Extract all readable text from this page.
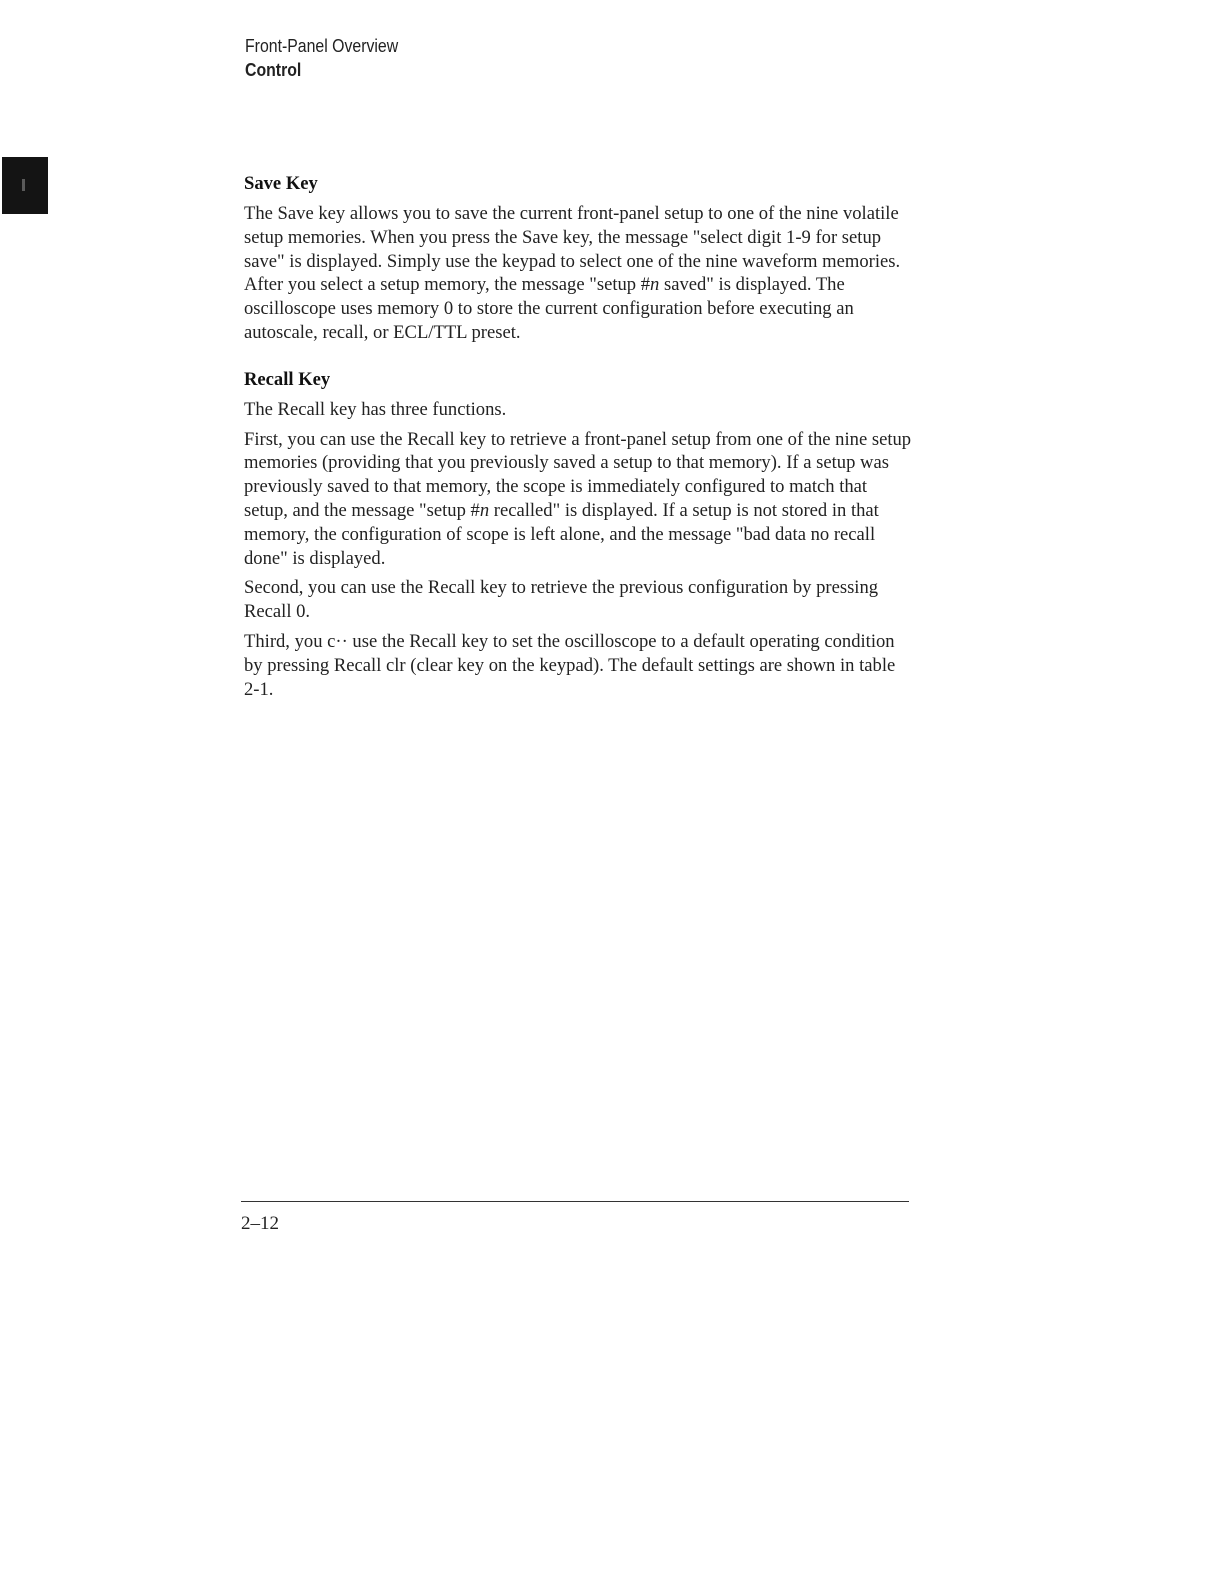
Front-Panel Overview
Control
Save Key

The Save key allows you to save the current front-panel setup to one of the nine volatile setup memories. When you press the Save key, the message "select digit 1-9 for setup save" is displayed. Simply use the keypad to select one of the nine waveform memories. After you select a setup memory, the message "setup #n saved" is displayed. The oscilloscope uses memory 0 to store the current configuration before executing an autoscale, recall, or ECL/TTL preset.

Recall Key

The Recall key has three functions.

First, you can use the Recall key to retrieve a front-panel setup from one of the nine setup memories (providing that you previously saved a setup to that memory). If a setup was previously saved to that memory, the scope is immediately configured to match that setup, and the message "setup #n recalled" is displayed. If a setup is not stored in that memory, the configuration of scope is left alone, and the message "bad data no recall done" is displayed.

Second, you can use the Recall key to retrieve the previous configuration by pressing Recall 0.

Third, you c·· use the Recall key to set the oscilloscope to a default operating condition by pressing Recall clr (clear key on the keypad). The default settings are shown in table 2-1.

2–12
